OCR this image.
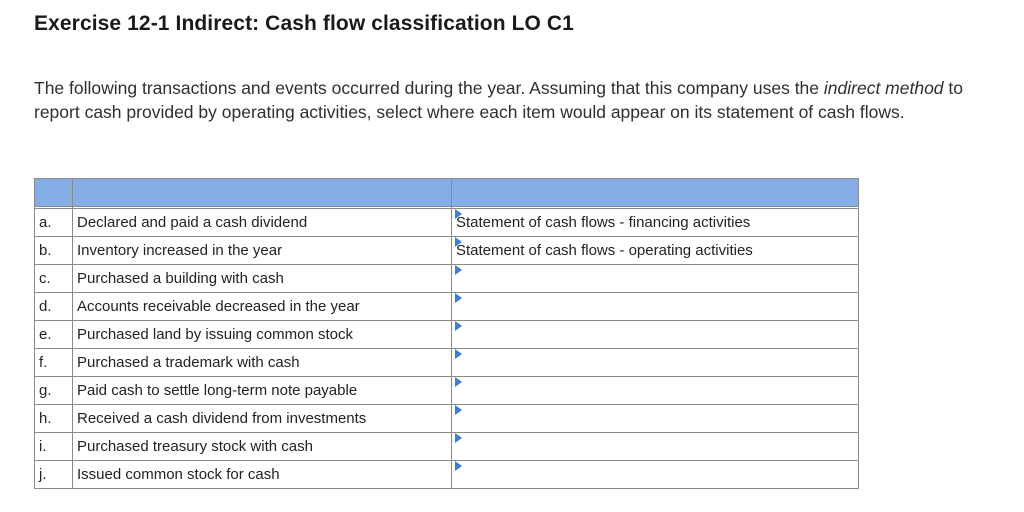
Exercise 12-1 Indirect: Cash flow classification LO C1

The following transactions and events occurred during the year. Assuming that this company uses the indirect method to report cash provided by operating activities, select where each item would appear on its statement of cash flows.

a.	Declared and paid a cash dividend	Statement of cash flows - financing activities

b.	Inventory increased in the year	Statement of cash flows - operating activities

c.	Purchased a building with cash	

d.	Accounts receivable decreased in the year	

e.	Purchased land by issuing common stock	

f.	Purchased a trademark with cash	

g.	Paid cash to settle long-term note payable	

h.	Received a cash dividend from investments	

i.	Purchased treasury stock with cash	

j.	Issued common stock for cash	
